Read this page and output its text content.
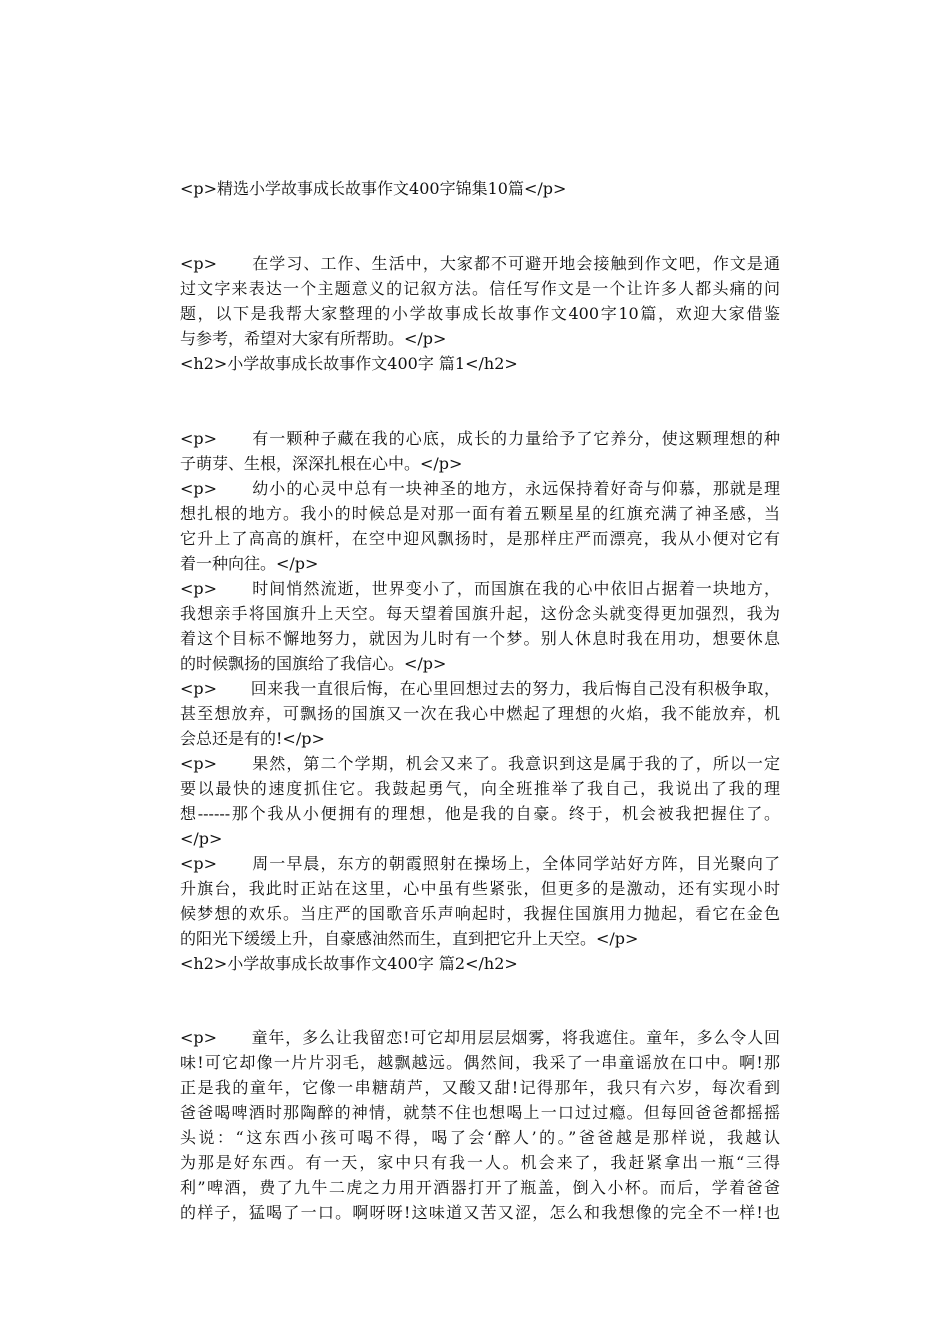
<p>精选小学故事成长故事作文400字锦集10篇</p>
<p>　　在学习、工作、生活中，大家都不可避开地会接触到作文吧，作文是通
过文字来表达一个主题意义的记叙方法。信任写作文是一个让许多人都头痛的问
题，以下是我帮大家整理的小学故事成长故事作文400字10篇，欢迎大家借鉴
与参考，希望对大家有所帮助。</p>
<h2>小学故事成长故事作文400字 篇1</h2>
<p>　　有一颗种子藏在我的心底，成长的力量给予了它养分，使这颗理想的种
子萌芽、生根，深深扎根在心中。</p>
<p>　　幼小的心灵中总有一块神圣的地方，永远保持着好奇与仰慕，那就是理
想扎根的地方。我小的时候总是对那一面有着五颗星星的红旗充满了神圣感，当
它升上了高高的旗杆，在空中迎风飘扬时，是那样庄严而漂亮，我从小便对它有
着一种向往。</p>
<p>　　时间悄然流逝，世界变小了，而国旗在我的心中依旧占据着一块地方，
我想亲手将国旗升上天空。每天望着国旗升起，这份念头就变得更加强烈，我为
着这个目标不懈地努力，就因为儿时有一个梦。别人休息时我在用功，想要休息
的时候飘扬的国旗给了我信心。</p>
<p>　　回来我一直很后悔，在心里回想过去的努力，我后悔自己没有积极争取，
甚至想放弃，可飘扬的国旗又一次在我心中燃起了理想的火焰，我不能放弃，机
会总还是有的!</p>
<p>　　果然，第二个学期，机会又来了。我意识到这是属于我的了，所以一定
要以最快的速度抓住它。我鼓起勇气，向全班推举了我自己，我说出了我的理
想------那个我从小便拥有的理想，他是我的自豪。终于，机会被我把握住了。
</p>
<p>　　周一早晨，东方的朝霞照射在操场上，全体同学站好方阵，目光聚向了
升旗台，我此时正站在这里，心中虽有些紧张，但更多的是激动，还有实现小时
候梦想的欢乐。当庄严的国歌音乐声响起时，我握住国旗用力抛起，看它在金色
的阳光下缓缓上升，自豪感油然而生，直到把它升上天空。</p>
<h2>小学故事成长故事作文400字 篇2</h2>
<p>　　童年，多么让我留恋!可它却用层层烟雾，将我遮住。童年，多么令人回
味!可它却像一片片羽毛，越飘越远。偶然间，我采了一串童谣放在口中。啊!那
正是我的童年，它像一串糖葫芦，又酸又甜!记得那年，我只有六岁，每次看到
爸爸喝啤酒时那陶醉的神情，就禁不住也想喝上一口过过瘾。但每回爸爸都摇摇
头说：“这东西小孩可喝不得，喝了会‘醉人’的。”爸爸越是那样说，我越认
为那是好东西。有一天，家中只有我一人。机会来了，我赶紧拿出一瓶“三得
利”啤酒，费了九牛二虎之力用开酒器打开了瓶盖，倒入小杯。而后，学着爸爸
的样子，猛喝了一口。啊呀呀!这味道又苦又涩，怎么和我想像的完全不一样!也
